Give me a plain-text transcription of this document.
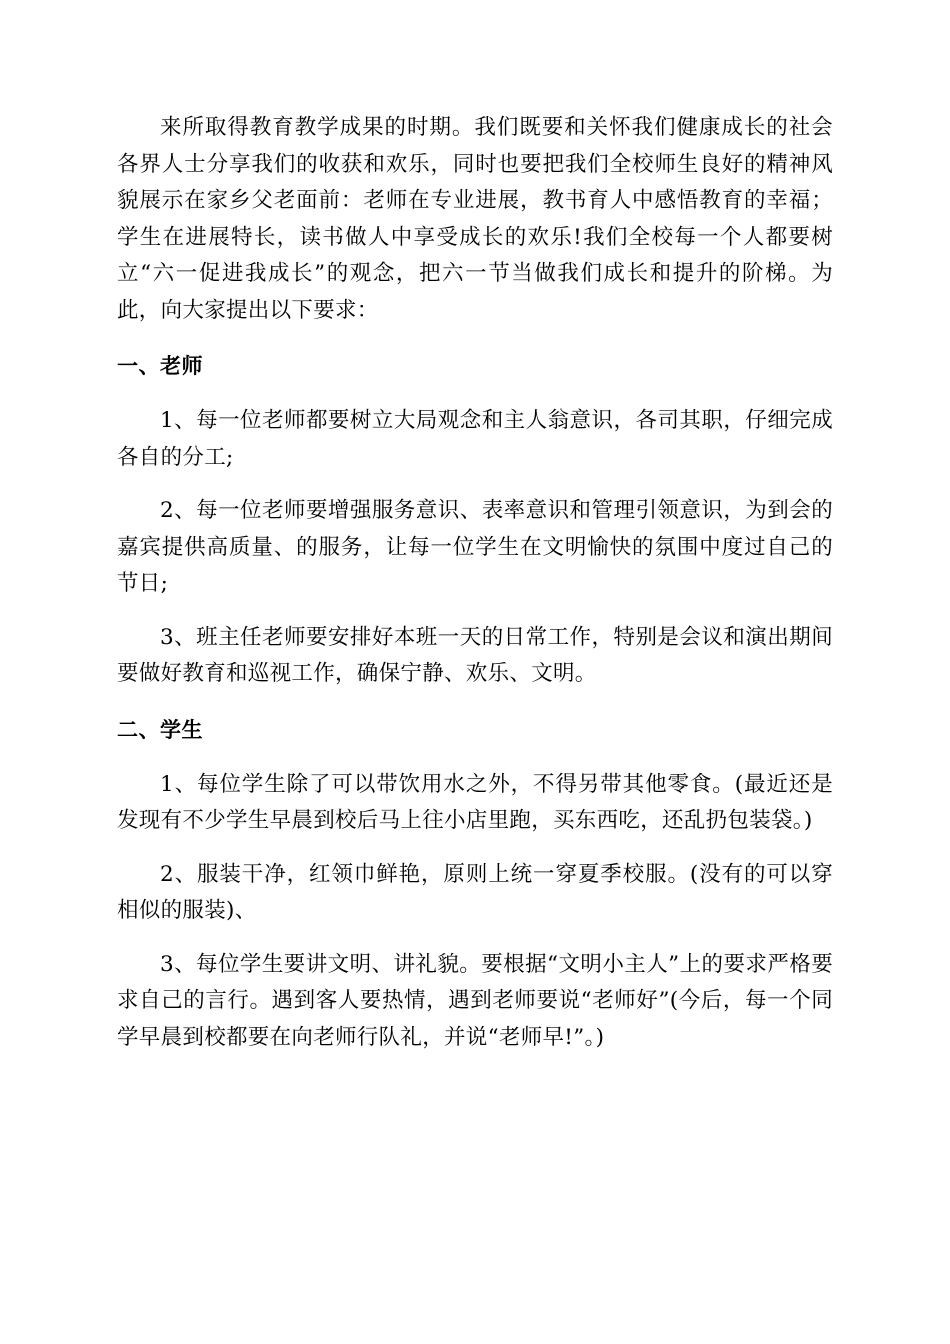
来所取得教育教学成果的时期。我们既要和关怀我们健康成长的社会各界人士分享我们的收获和欢乐，同时也要把我们全校师生良好的精神风貌展示在家乡父老面前：老师在专业进展，教书育人中感悟教育的幸福；学生在进展特长，读书做人中享受成长的欢乐!我们全校每一个人都要树立“六一促进我成长”的观念，把六一节当做我们成长和提升的阶梯。为此，向大家提出以下要求：

一、老师

1、每一位老师都要树立大局观念和主人翁意识，各司其职，仔细完成各自的分工;

2、每一位老师要增强服务意识、表率意识和管理引领意识，为到会的嘉宾提供高质量、的服务，让每一位学生在文明愉快的氛围中度过自己的节日;

3、班主任老师要安排好本班一天的日常工作，特别是会议和演出期间要做好教育和巡视工作，确保宁静、欢乐、文明。

二、学生

1、每位学生除了可以带饮用水之外，不得另带其他零食。(最近还是发现有不少学生早晨到校后马上往小店里跑，买东西吃，还乱扔包装袋。)

2、服装干净，红领巾鲜艳，原则上统一穿夏季校服。(没有的可以穿相似的服装)、

3、每位学生要讲文明、讲礼貌。要根据“文明小主人”上的要求严格要求自己的言行。遇到客人要热情，遇到老师要说“老师好”(今后，每一个同学早晨到校都要在向老师行队礼，并说“老师早!”。)
